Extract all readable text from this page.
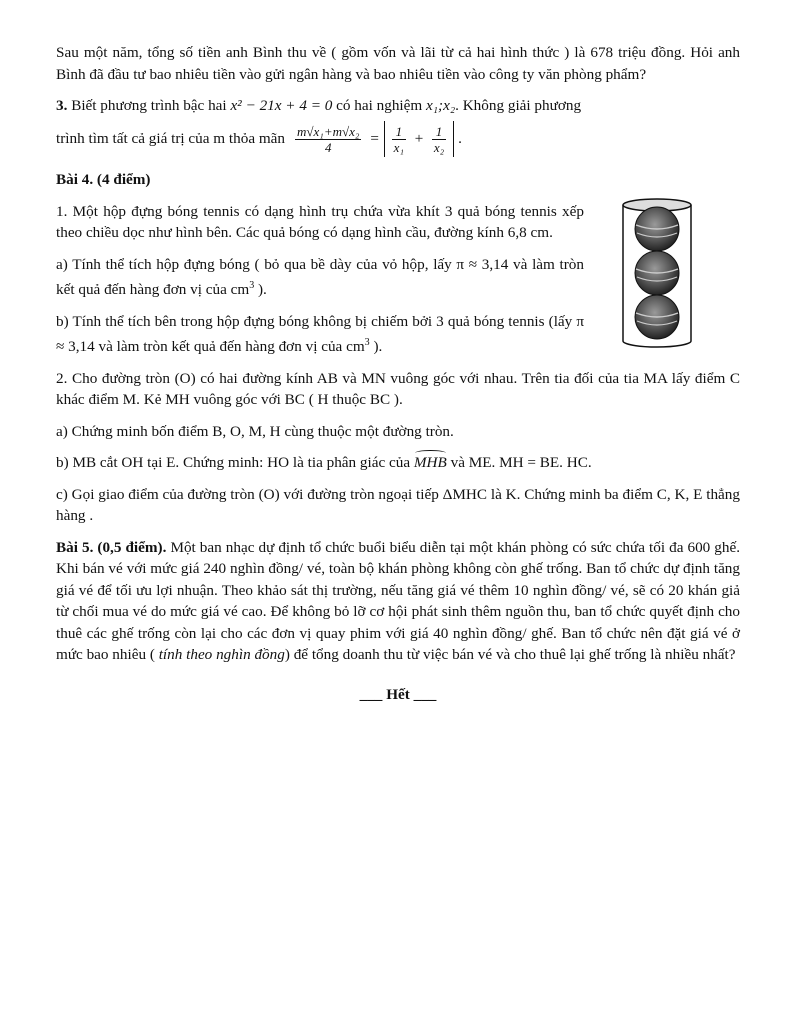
Sau một năm, tổng số tiền anh Bình thu về ( gồm vốn và lãi từ cả hai hình thức ) là 678 triệu đồng. Hỏi anh Bình đã đầu tư bao nhiêu tiền vào gửi ngân hàng và bao nhiêu tiền vào công ty văn phòng phẩm?

3. Biết phương trình bậc hai x² − 21x + 4 = 0 có hai nghiệm x₁;x₂. Không giải phương
trình tìm tất cả giá trị của m thỏa mãn $\frac{\text{m√x₁+m√x₂}}{4} = \frac{1}{\text{x₁}} + \frac{1}{\text{x₂}}$ .

Bài 4. (4 điểm)

1. Một hộp đựng bóng tennis có dạng hình trụ chứa vừa khít 3 quả bóng tennis xếp theo chiều dọc như hình bên. Các quả bóng có dạng hình cầu, đường kính 6,8 cm.

a) Tính thể tích hộp đựng bóng ( bỏ qua bề dày của vỏ hộp, lấy π ≈ 3,14 và làm tròn kết quả đến hàng đơn vị của $cm^3$ ).

b) Tính thể tích bên trong hộp đựng bóng không bị chiếm bởi 3 quả bóng tennis (lấy π ≈ 3,14 và làm tròn kết quả đến hàng đơn vị của $cm^3$ ).

2. Cho đường tròn (O) có hai đường kính AB và MN vuông góc với nhau. Trên tia đối của tia MA lấy điểm C khác điểm M. Kẻ MH vuông góc với BC ( H thuộc BC ).

a) Chứng minh bốn điểm B, O, M, H cùng thuộc một đường tròn.

b) MB cắt OH tại E. Chứng minh: HO là tia phân giác của MHB và ME. MH = BE. HC.

c) Gọi giao điểm của đường tròn (O) với đường tròn ngoại tiếp ΔMHC là K. Chứng minh ba điểm C, K, E thẳng hàng .

Bài 5. (0,5 điểm). Một ban nhạc dự định tổ chức buổi biểu diễn tại một khán phòng có sức chứa tối đa 600 ghế. Khi bán vé với mức giá 240 nghìn đồng/ vé, toàn bộ khán phòng không còn ghế trống. Ban tổ chức dự định tăng giá vé để tối ưu lợi nhuận. Theo khảo sát thị trường, nếu tăng giá vé thêm 10 nghìn đồng/ vé, sẽ có 20 khán giả từ chối mua vé do mức giá vé cao. Để không bỏ lỡ cơ hội phát sinh thêm nguồn thu, ban tổ chức quyết định cho thuê các ghế trống còn lại cho các đơn vị quay phim với giá 40 nghìn đồng/ ghế. Ban tổ chức nên đặt giá vé ở mức bao nhiêu ( tính theo nghìn đồng) để tổng doanh thu từ việc bán vé và cho thuê lại ghế trống là nhiều nhất?

___ Hết ___
